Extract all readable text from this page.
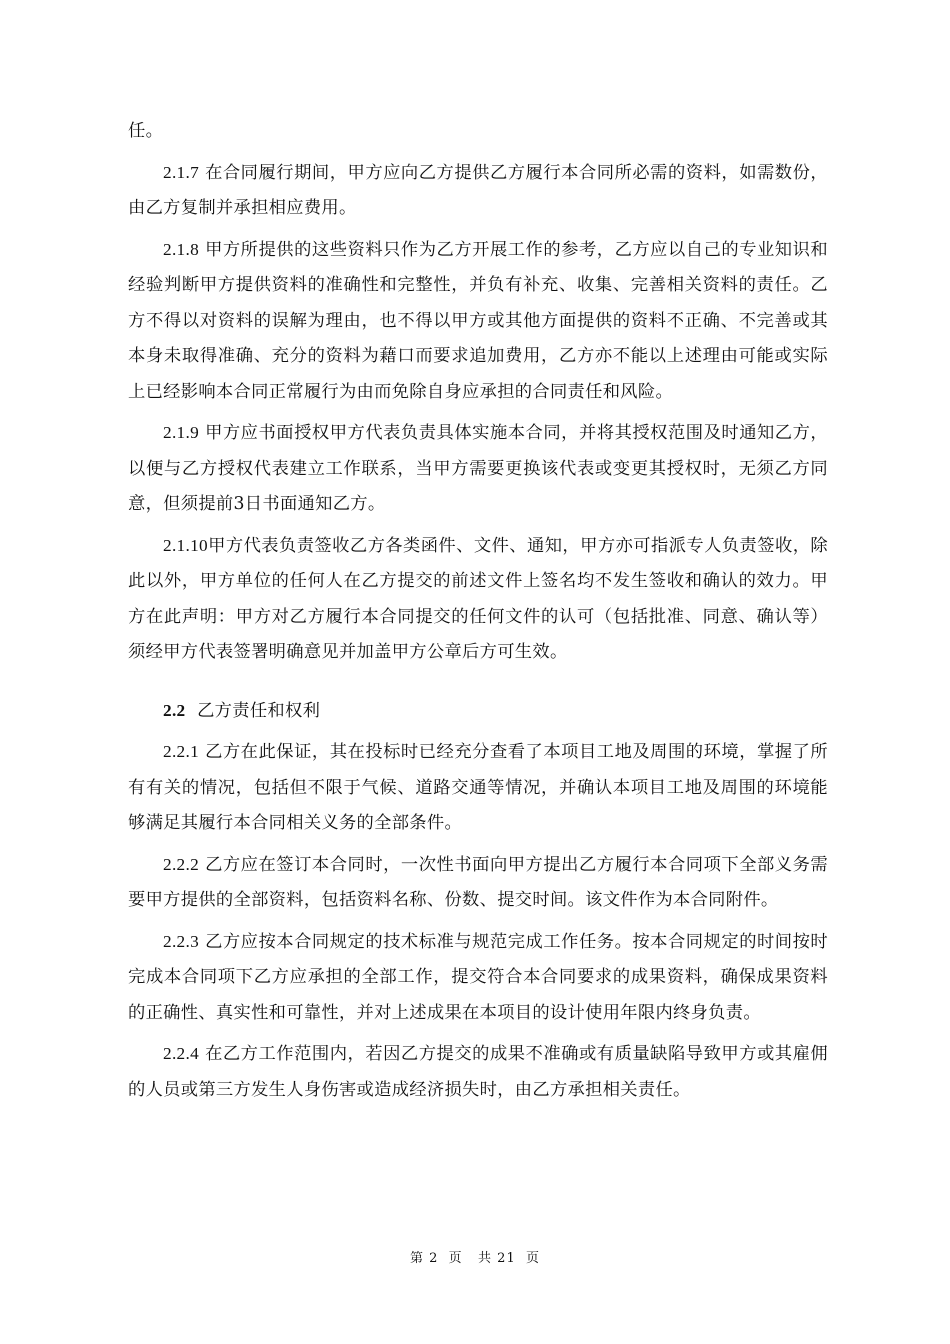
任。

2.1.7 在合同履行期间，甲方应向乙方提供乙方履行本合同所必需的资料，如需数份，由乙方复制并承担相应费用。

2.1.8 甲方所提供的这些资料只作为乙方开展工作的参考，乙方应以自己的专业知识和经验判断甲方提供资料的准确性和完整性，并负有补充、收集、完善相关资料的责任。乙方不得以对资料的误解为理由，也不得以甲方或其他方面提供的资料不正确、不完善或其本身未取得准确、充分的资料为藉口而要求追加费用，乙方亦不能以上述理由可能或实际上已经影响本合同正常履行为由而免除自身应承担的合同责任和风险。

2.1.9 甲方应书面授权甲方代表负责具体实施本合同，并将其授权范围及时通知乙方，以便与乙方授权代表建立工作联系，当甲方需要更换该代表或变更其授权时，无须乙方同意，但须提前3日书面通知乙方。

2.1.10甲方代表负责签收乙方各类函件、文件、通知，甲方亦可指派专人负责签收，除此以外，甲方单位的任何人在乙方提交的前述文件上签名均不发生签收和确认的效力。甲方在此声明：甲方对乙方履行本合同提交的任何文件的认可（包括批准、同意、确认等）须经甲方代表签署明确意见并加盖甲方公章后方可生效。

2.2  乙方责任和权利

2.2.1 乙方在此保证，其在投标时已经充分查看了本项目工地及周围的环境，掌握了所有有关的情况，包括但不限于气候、道路交通等情况，并确认本项目工地及周围的环境能够满足其履行本合同相关义务的全部条件。

2.2.2 乙方应在签订本合同时，一次性书面向甲方提出乙方履行本合同项下全部义务需要甲方提供的全部资料，包括资料名称、份数、提交时间。该文件作为本合同附件。

2.2.3 乙方应按本合同规定的技术标准与规范完成工作任务。按本合同规定的时间按时完成本合同项下乙方应承担的全部工作，提交符合本合同要求的成果资料，确保成果资料的正确性、真实性和可靠性，并对上述成果在本项目的设计使用年限内终身负责。

2.2.4 在乙方工作范围内，若因乙方提交的成果不准确或有质量缺陷导致甲方或其雇佣的人员或第三方发生人身伤害或造成经济损失时，由乙方承担相关责任。

第 2  页   共 21  页
